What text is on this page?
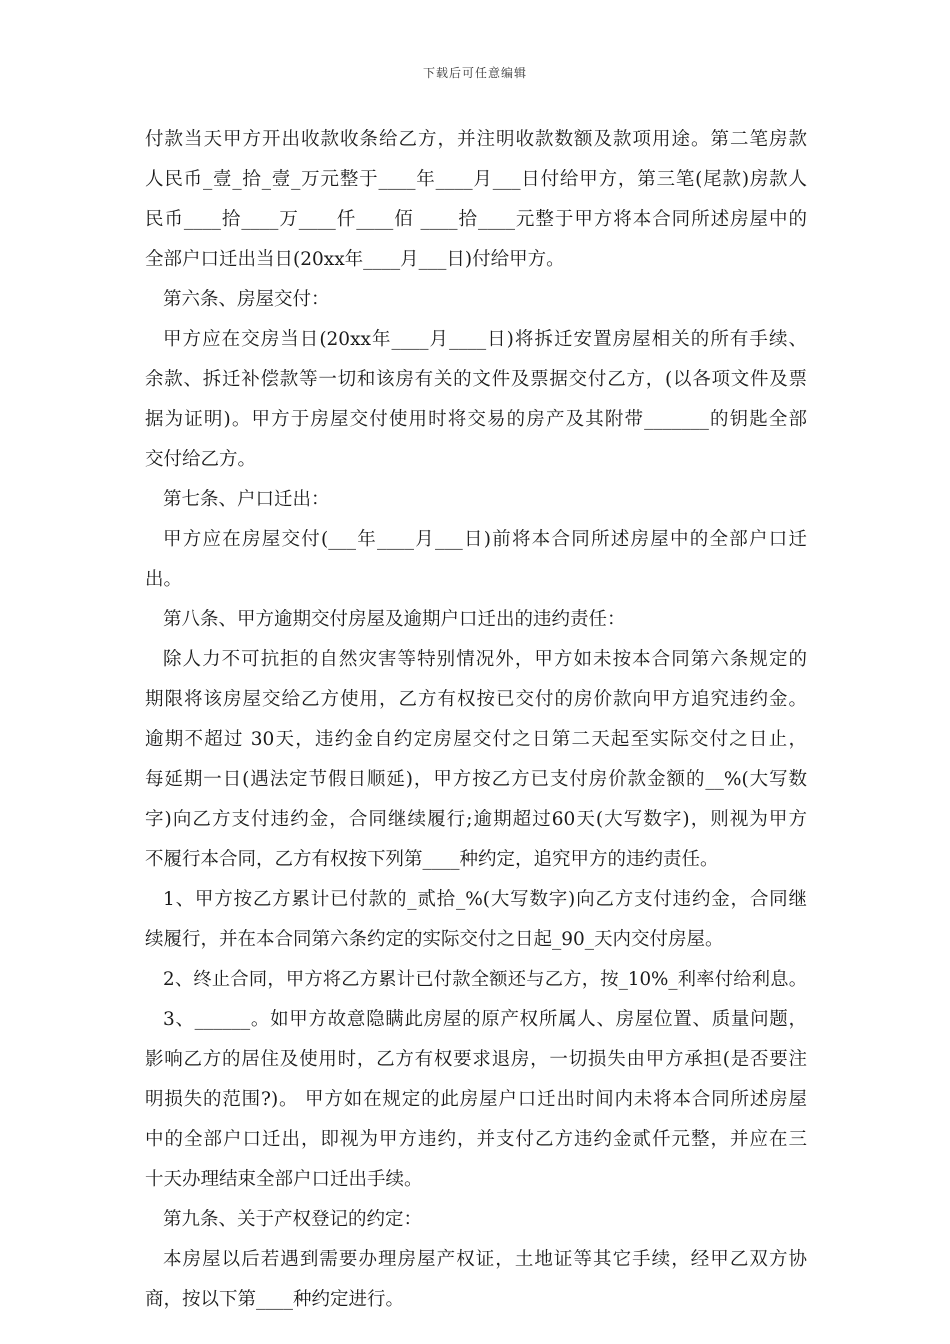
下载后可任意编辑
付款当天甲方开出收款收条给乙方，并注明收款数额及款项用途。第二笔房款
人民币_壹_拾_壹_万元整于____年____月___日付给甲方，第三笔(尾款)房款人
民币____拾____万____仟____佰 ____拾____元整于甲方将本合同所述房屋中的
全部户口迁出当日(20xx年____月___日)付给甲方。
第六条、房屋交付：
甲方应在交房当日(20xx年____月____日)将拆迁安置房屋相关的所有手续、
余款、拆迁补偿款等一切和该房有关的文件及票据交付乙方，(以各项文件及票
据为证明)。甲方于房屋交付使用时将交易的房产及其附带_______的钥匙全部
交付给乙方。
第七条、户口迁出：
甲方应在房屋交付(___年____月___日)前将本合同所述房屋中的全部户口迁
出。
第八条、甲方逾期交付房屋及逾期户口迁出的违约责任：
除人力不可抗拒的自然灾害等特别情况外，甲方如未按本合同第六条规定的
期限将该房屋交给乙方使用，乙方有权按已交付的房价款向甲方追究违约金。
逾期不超过 30天，违约金自约定房屋交付之日第二天起至实际交付之日止，
每延期一日(遇法定节假日顺延)，甲方按乙方已支付房价款金额的__%(大写数
字)向乙方支付违约金，合同继续履行;逾期超过60天(大写数字)，则视为甲方
不履行本合同，乙方有权按下列第____种约定，追究甲方的违约责任。
1、甲方按乙方累计已付款的_贰拾_%(大写数字)向乙方支付违约金，合同继
续履行，并在本合同第六条约定的实际交付之日起_90_天内交付房屋。
2、终止合同，甲方将乙方累计已付款全额还与乙方，按_10%_利率付给利息。
3、______。如甲方故意隐瞒此房屋的原产权所属人、房屋位置、质量问题，
影响乙方的居住及使用时，乙方有权要求退房，一切损失由甲方承担(是否要注
明损失的范围?)。 甲方如在规定的此房屋户口迁出时间内未将本合同所述房屋
中的全部户口迁出，即视为甲方违约，并支付乙方违约金贰仟元整，并应在三
十天办理结束全部户口迁出手续。
第九条、关于产权登记的约定：
本房屋以后若遇到需要办理房屋产权证，土地证等其它手续，经甲乙双方协
商，按以下第____种约定进行。
